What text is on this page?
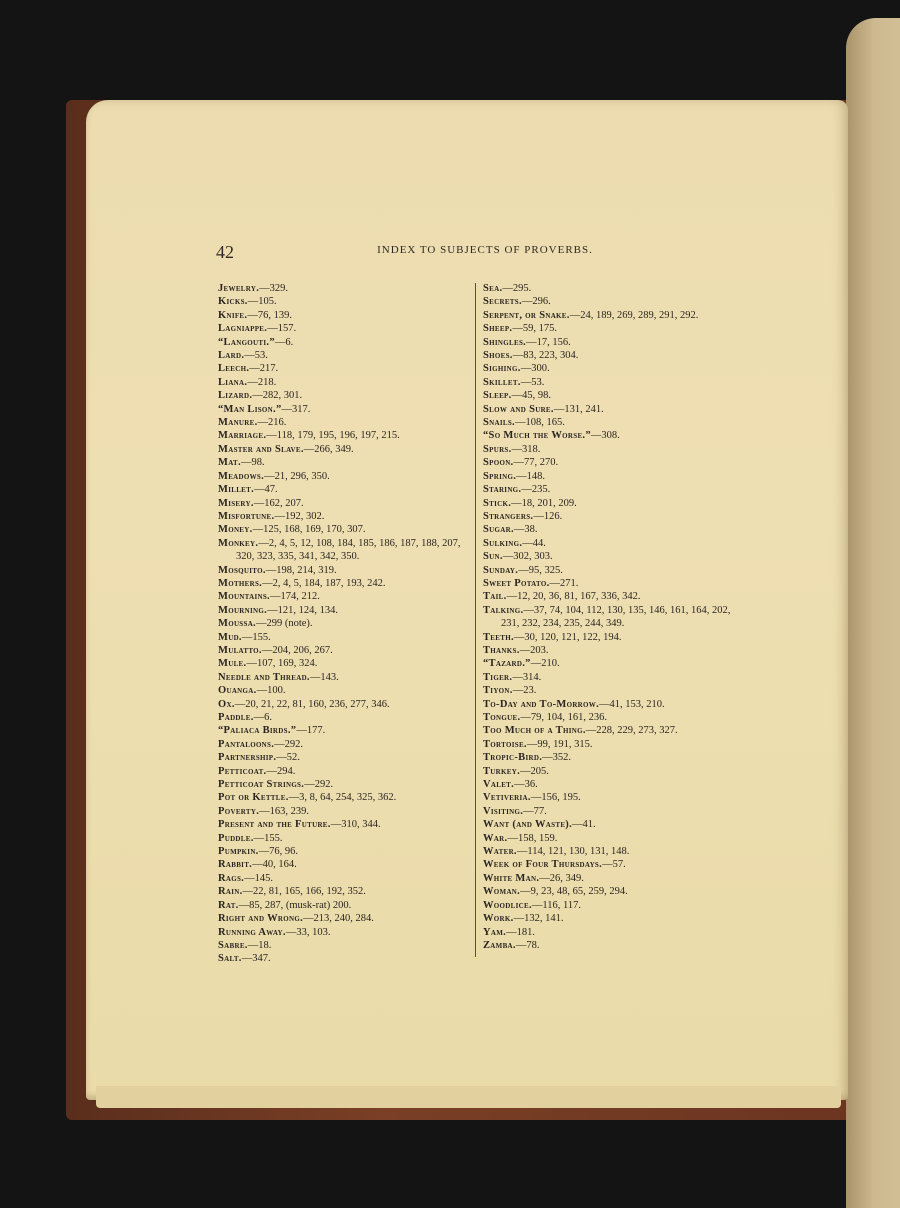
42	INDEX TO SUBJECTS OF PROVERBS.
Jewelry.—329.
Kicks.—105.
Knife.—76, 139.
Lagniappe.—157.
“Langouti.”—6.
Lard.—53.
Leech.—217.
Liana.—218.
Lizard.—282, 301.
“Man Lison.”—317.
Manure.—216.
Marriage.—118, 179, 195, 196, 197, 215.
Master and Slave.—266, 349.
Mat.—98.
Meadows.—21, 296, 350.
Millet.—47.
Misery.—162, 207.
Misfortune.—192, 302.
Money.—125, 168, 169, 170, 307.
Monkey.—2, 4, 5, 12, 108, 184, 185, 186, 187, 188, 207, 320, 323, 335, 341, 342, 350.
Mosquito.—198, 214, 319.
Mothers.—2, 4, 5, 184, 187, 193, 242.
Mountains.—174, 212.
Mourning.—121, 124, 134.
Moussa.—299 (note).
Mud.—155.
Mulatto.—204, 206, 267.
Mule.—107, 169, 324.
Needle and Thread.—143.
Ouanga.—100.
Ox.—20, 21, 22, 81, 160, 236, 277, 346.
Paddle.—6.
“Paliaca Birds.”—177.
Pantaloons.—292.
Partnership.—52.
Petticoat.—294.
Petticoat Strings.—292.
Pot or Kettle.—3, 8, 64, 254, 325, 362.
Poverty.—163, 239.
Present and the Future.—310, 344.
Puddle.—155.
Pumpkin.—76, 96.
Rabbit.—40, 164.
Rags.—145.
Rain.—22, 81, 165, 166, 192, 352.
Rat.—85, 287, (musk-rat) 200.
Right and Wrong.—213, 240, 284.
Running Away.—33, 103.
Sabre.—18.
Salt.—347.
Sea.—295.
Secrets.—296.
Serpent, or Snake.—24, 189, 269, 289, 291, 292.
Sheep.—59, 175.
Shingles.—17, 156.
Shoes.—83, 223, 304.
Sighing.—300.
Skillet.—53.
Sleep.—45, 98.
Slow and Sure.—131, 241.
Snails.—108, 165.
“So Much the Worse.”—308.
Spurs.—318.
Spoon.—77, 270.
Spring.—148.
Staring.—235.
Stick.—18, 201, 209.
Strangers.—126.
Sugar.—38.
Sulking.—44.
Sun.—302, 303.
Sunday.—95, 325.
Sweet Potato.—271.
Tail.—12, 20, 36, 81, 167, 336, 342.
Talking.—37, 74, 104, 112, 130, 135, 146, 161, 164, 202, 231, 232, 234, 235, 244, 349.
Teeth.—30, 120, 121, 122, 194.
Thanks.—203.
“Tazard.”—210.
Tiger.—314.
Tiyon.—23.
To-Day and To-Morrow.—41, 153, 210.
Tongue.—79, 104, 161, 236.
Too Much of a Thing.—228, 229, 273, 327.
Tortoise.—99, 191, 315.
Tropic-Bird.—352.
Turkey.—205.
Valet.—36.
Vetiveria.—156, 195.
Visiting.—77.
Want (and Waste).—41.
War.—158, 159.
Water.—114, 121, 130, 131, 148.
Week of Four Thursdays.—57.
White Man.—26, 349.
Woman.—9, 23, 48, 65, 259, 294.
Woodlice.—116, 117.
Work.—132, 141.
Yam.—181.
Zamba.—78.
